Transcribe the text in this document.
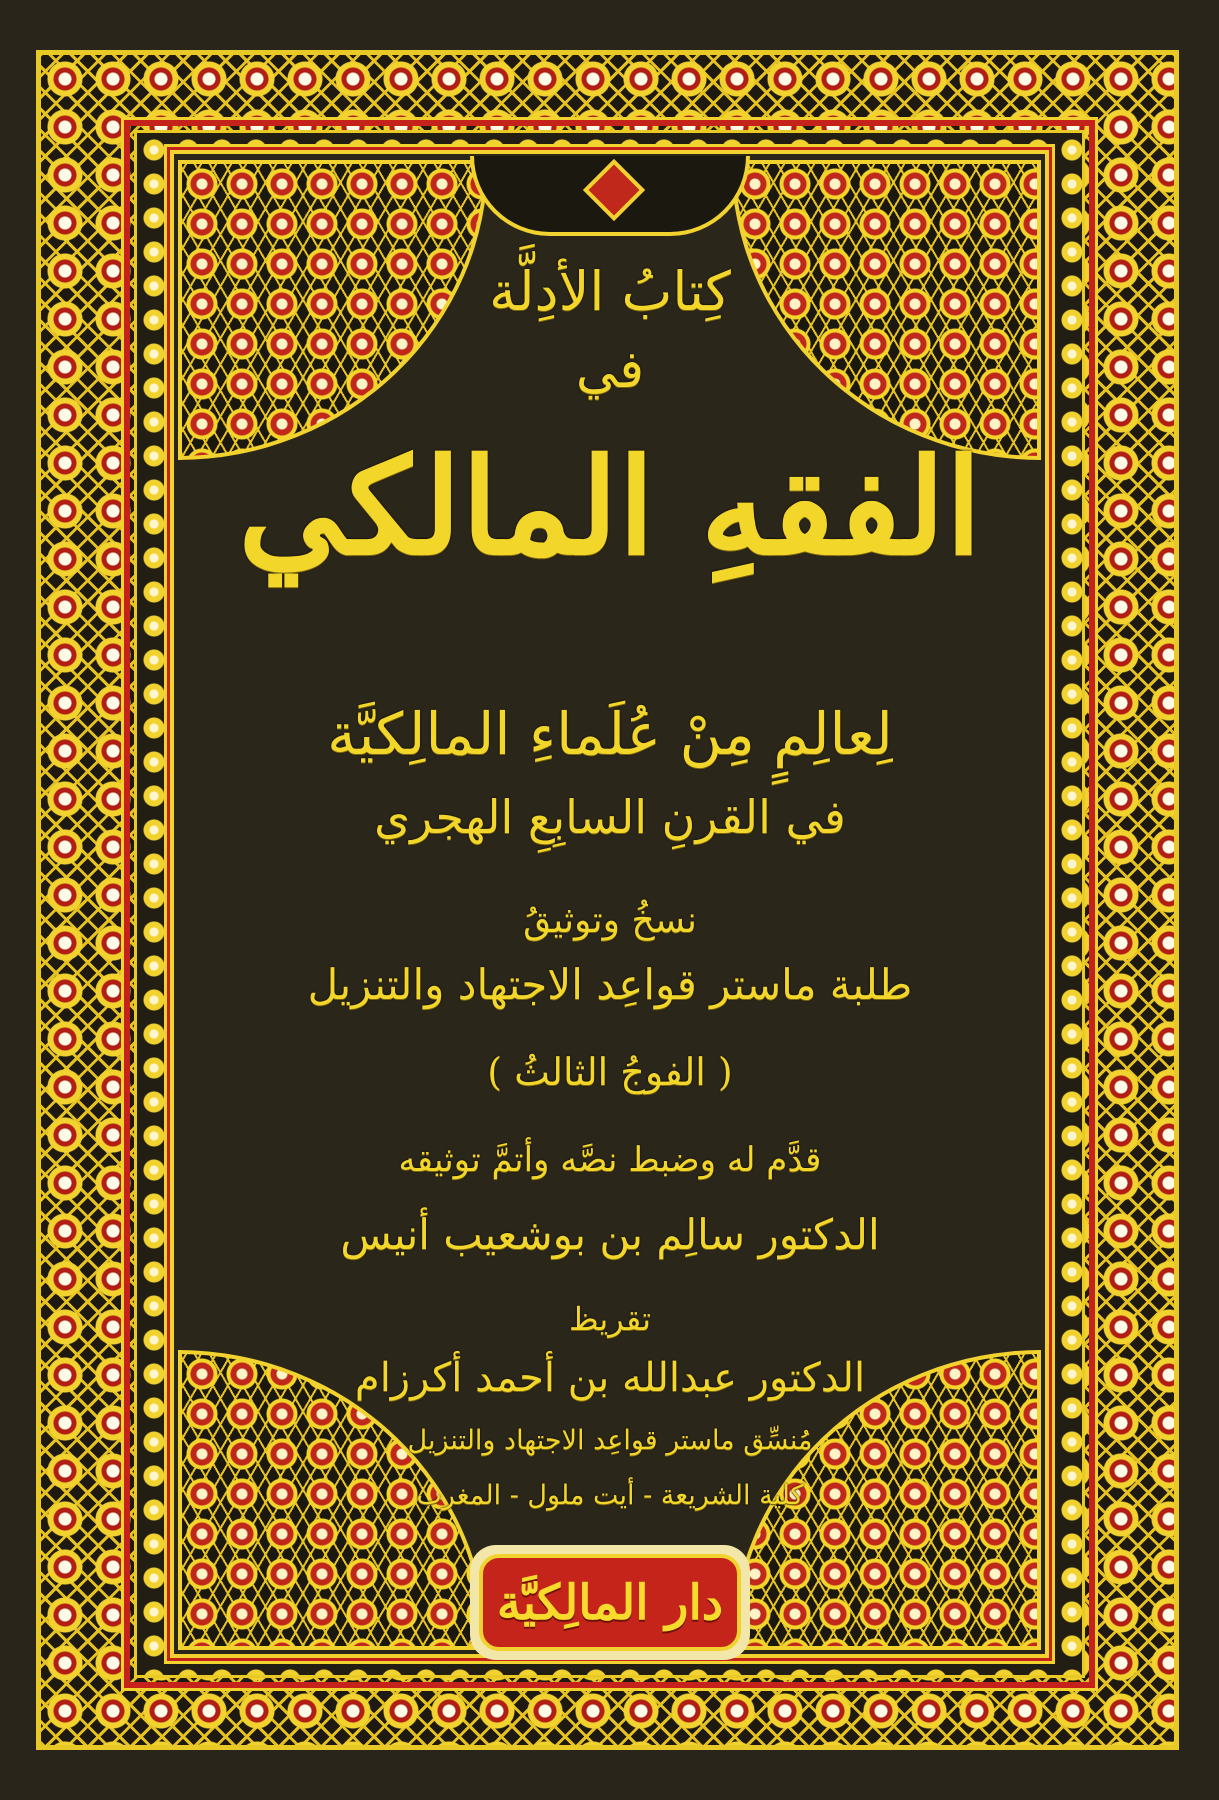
كِتابُ الأدِلَّة
في
الفقهِ المالكي
لِعالِمٍ مِنْ عُلَماءِ المالِكيَّة
في القرنِ السابِعِ الهجري
نسخُ وتوثيقُ
طلبة ماستر قواعِد الاجتهاد والتنزيل
( الفوجُ الثالثُ )
قدَّم له وضبط نصَّه وأتمَّ توثيقه
الدكتور سالِم بن بوشعيب أنيس
تقريظ
الدكتور عبدالله بن أحمد أكرزام
مُنسِّق ماستر قواعِد الاجتهاد والتنزيل
كلية الشريعة - أيت ملول - المغرب
دار المالِكيَّة
